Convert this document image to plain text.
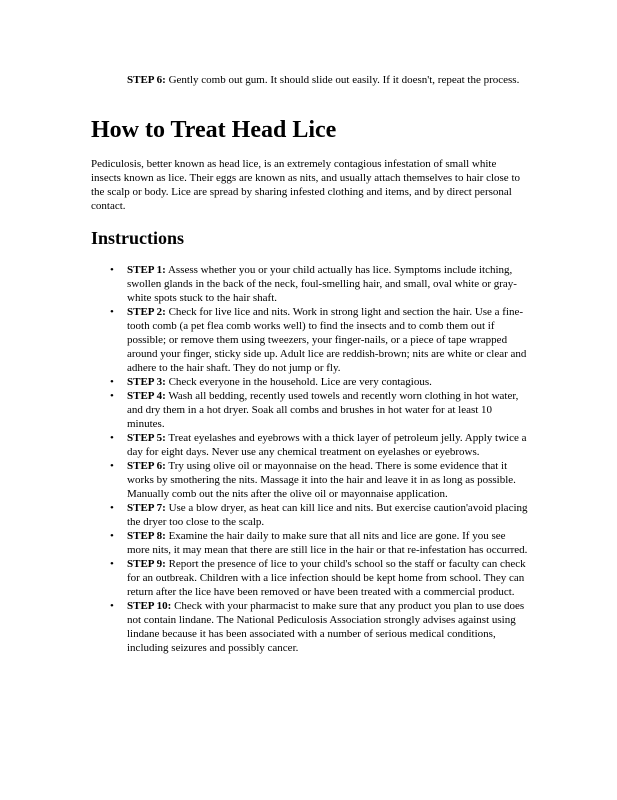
STEP 6: Gently comb out gum. It should slide out easily. If it doesn't, repeat the process.

How to Treat Head Lice

Pediculosis, better known as head lice, is an extremely contagious infestation of small white insects known as lice. Their eggs are known as nits, and usually attach themselves to hair close to the scalp or body. Lice are spread by sharing infested clothing and items, and by direct personal contact.

Instructions
• STEP 1: Assess whether you or your child actually has lice. Symptoms include itching, swollen glands in the back of the neck, foul-smelling hair, and small, oval white or gray-white spots stuck to the hair shaft.
• STEP 2: Check for live lice and nits. Work in strong light and section the hair. Use a fine-tooth comb (a pet flea comb works well) to find the insects and to comb them out if possible; or remove them using tweezers, your finger-nails, or a piece of tape wrapped around your finger, sticky side up. Adult lice are reddish-brown; nits are white or clear and adhere to the hair shaft. They do not jump or fly.
• STEP 3: Check everyone in the household. Lice are very contagious.
• STEP 4: Wash all bedding, recently used towels and recently worn clothing in hot water, and dry them in a hot dryer. Soak all combs and brushes in hot water for at least 10 minutes.
• STEP 5: Treat eyelashes and eyebrows with a thick layer of petroleum jelly. Apply twice a day for eight days. Never use any chemical treatment on eyelashes or eyebrows.
• STEP 6: Try using olive oil or mayonnaise on the head. There is some evidence that it works by smothering the nits. Massage it into the hair and leave it in as long as possible. Manually comb out the nits after the olive oil or mayonnaise application.
• STEP 7: Use a blow dryer, as heat can kill lice and nits. But exercise caution'avoid placing the dryer too close to the scalp.
• STEP 8: Examine the hair daily to make sure that all nits and lice are gone. If you see more nits, it may mean that there are still lice in the hair or that re-infestation has occurred.
• STEP 9: Report the presence of lice to your child's school so the staff or faculty can check for an outbreak. Children with a lice infection should be kept home from school. They can return after the lice have been removed or have been treated with a commercial product.
• STEP 10: Check with your pharmacist to make sure that any product you plan to use does not contain lindane. The National Pediculosis Association strongly advises against using lindane because it has been associated with a number of serious medical conditions, including seizures and possibly cancer.
